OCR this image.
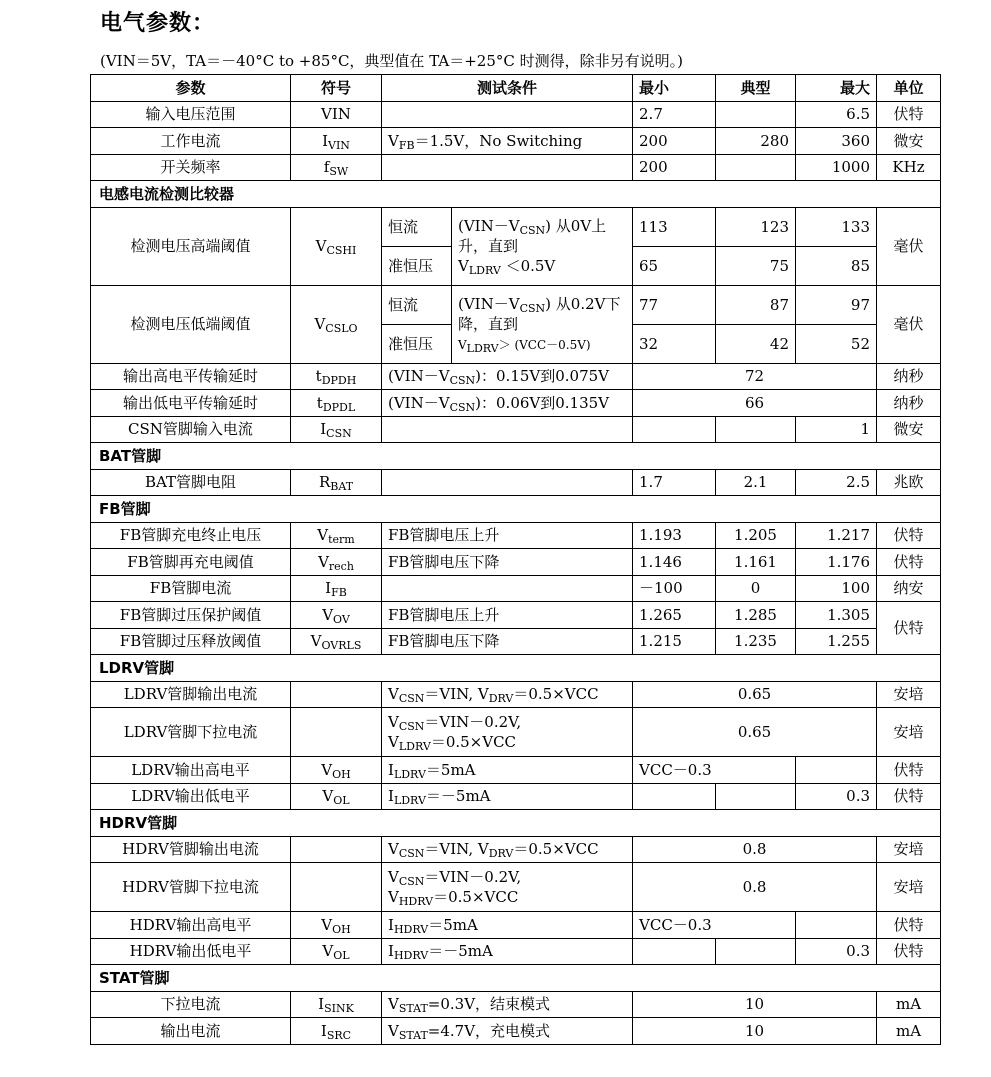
电气参数：
(VIN＝5V，TA＝－40°C to +85°C，典型值在 TA＝+25°C 时测得，除非另有说明。)
参数	符号	测试条件		最小	典型	最大	单位
输入电压范围	VIN			2.7		6.5	伏特
工作电流	$I_{VIN}$	$V_{FB}=1.5V$，No Switching		200	280	360	微安
开关频率	$f_{SW}$			200		1000	KHz
电感电流检测比较器							
检测电压高端阈值	$V_{CSHI}$	恒流	$(VIN-V_{CSN})$ 从0V上升，直到
$V_{LDRV} <0.5V$	113	123	133	毫伏
		准恒压		65	75	85	
检测电压低端阈值	$V_{CSLO}$	恒流	$(VIN-V_{CSN})$ 从0.2V下降，直到
$V_{LDRV}> (VCC-0.5V)$	77	87	97	毫伏
		准恒压		32	42	52	
输出高电平传输延时	$t_{DPDH}$	$(VIN-V_{CSN})$：0.15V到0.075V		72			纳秒
输出低电平传输延时	$t_{DPDL}$	$(VIN-V_{CSN})$：0.06V到0.135V		66			纳秒
CSN管脚输入电流	$I_{CSN}$					1	微安
BAT管脚							
BAT管脚电阻	$R_{BAT}$			1.7	2.1	2.5	兆欧
FB管脚							
FB管脚充电终止电压	$V_{term}$	FB管脚电压上升		1.193	1.205	1.217	伏特
FB管脚再充电阈值	$V_{rech}$	FB管脚电压下降		1.146	1.161	1.176	伏特
FB管脚电流	$I_{FB}$			－100	0	100	纳安
FB管脚过压保护阈值	$V_{OV}$	FB管脚电压上升		1.265	1.285	1.305	伏特
FB管脚过压释放阈值	$V_{OVRLS}$	FB管脚电压下降		1.215	1.235	1.255	
LDRV管脚							
LDRV管脚输出电流		$V_{CSN}=VIN$, $V_{DRV}=0.5\times VCC$		0.65			安培
LDRV管脚下拉电流		$V_{CSN}=VIN-0.2V$,
$V_{LDRV}=0.5\times VCC$		0.65			安培
LDRV输出高电平	$V_{OH}$	$I_{LDRV}=5mA$		VCC－0.3			伏特
LDRV输出低电平	$V_{OL}$	$I_{LDRV}=-5mA$				0.3	伏特
HDRV管脚							
HDRV管脚输出电流		$V_{CSN}=VIN$, $V_{DRV}=0.5\times VCC$		0.8			安培
HDRV管脚下拉电流		$V_{CSN}=VIN-0.2V$,
$V_{HDRV}=0.5\times VCC$		0.8			安培
HDRV输出高电平	$V_{OH}$	$I_{HDRV}=5mA$		VCC－0.3			伏特
HDRV输出低电平	$V_{OL}$	$I_{HDRV}=-5mA$				0.3	伏特
STAT管脚							
下拉电流	$I_{SINK}$	$V_{STAT}=0.3V$，结束模式		10			mA
输出电流	$I_{SRC}$	$V_{STAT}=4.7V$，充电模式		10			mA
